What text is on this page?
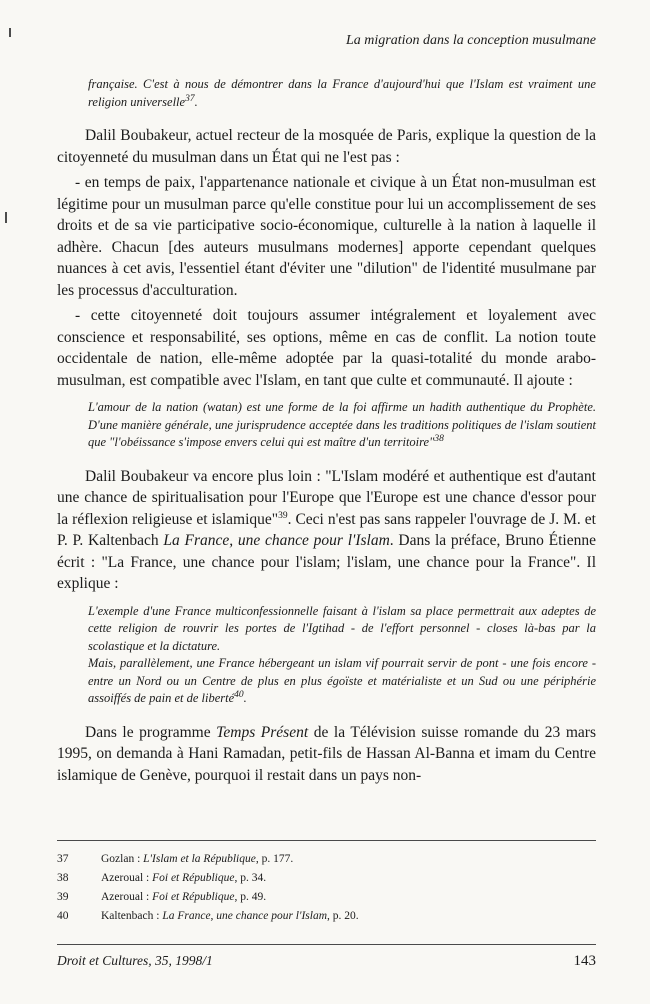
La migration dans la conception musulmane

française. C'est à nous de démontrer dans la France d'aujourd'hui que l'Islam est vraiment une religion universelle$^{37}$.

Dalil Boubakeur, actuel recteur de la mosquée de Paris, explique la question de la citoyenneté du musulman dans un État qui ne l'est pas :

- en temps de paix, l'appartenance nationale et civique à un État non-musulman est légitime pour un musulman parce qu'elle constitue pour lui un accomplissement de ses droits et de sa vie participative socio-économique, culturelle à la nation à laquelle il adhère. Chacun [des auteurs musulmans modernes] apporte cependant quelques nuances à cet avis, l'essentiel étant d'éviter une "dilution" de l'identité musulmane par les processus d'acculturation.

- cette citoyenneté doit toujours assumer intégralement et loyalement avec conscience et responsabilité, ses options, même en cas de conflit. La notion toute occidentale de nation, elle-même adoptée par la quasi-totalité du monde arabo-musulman, est compatible avec l'Islam, en tant que culte et communauté. Il ajoute :

L'amour de la nation (watan) est une forme de la foi affirme un hadith authentique du Prophète. D'une manière générale, une jurisprudence acceptée dans les traditions politiques de l'islam soutient que "l'obéissance s'impose envers celui qui est maître d'un territoire"$^{38}$

Dalil Boubakeur va encore plus loin : "L'Islam modéré et authentique est d'autant une chance de spiritualisation pour l'Europe que l'Europe est une chance d'essor pour la réflexion religieuse et islamique"$^{39}$. Ceci n'est pas sans rappeler l'ouvrage de J. M. et P. P. Kaltenbach La France, une chance pour l'Islam. Dans la préface, Bruno Étienne écrit : "La France, une chance pour l'islam; l'islam, une chance pour la France". Il explique :

L'exemple d'une France multiconfessionnelle faisant à l'islam sa place permettrait aux adeptes de cette religion de rouvrir les portes de l'Igtihad - de l'effort personnel - closes là-bas par la scolastique et la dictature.

Mais, parallèlement, une France hébergeant un islam vif pourrait servir de pont - une fois encore - entre un Nord ou un Centre de plus en plus égoïste et matérialiste et un Sud ou une périphérie assoiffés de pain et de liberté$^{40}$.

Dans le programme Temps Présent de la Télévision suisse romande du 23 mars 1995, on demanda à Hani Ramadan, petit-fils de Hassan Al-Banna et imam du Centre islamique de Genève, pourquoi il restait dans un pays non-

37	Gozlan : L'Islam et la République, p. 177.
38	Azeroual : Foi et République, p. 34.
39	Azeroual : Foi et République, p. 49.
40	Kaltenbach : La France, une chance pour l'Islam, p. 20.
Droit et Cultures, 35, 1998/1	143
